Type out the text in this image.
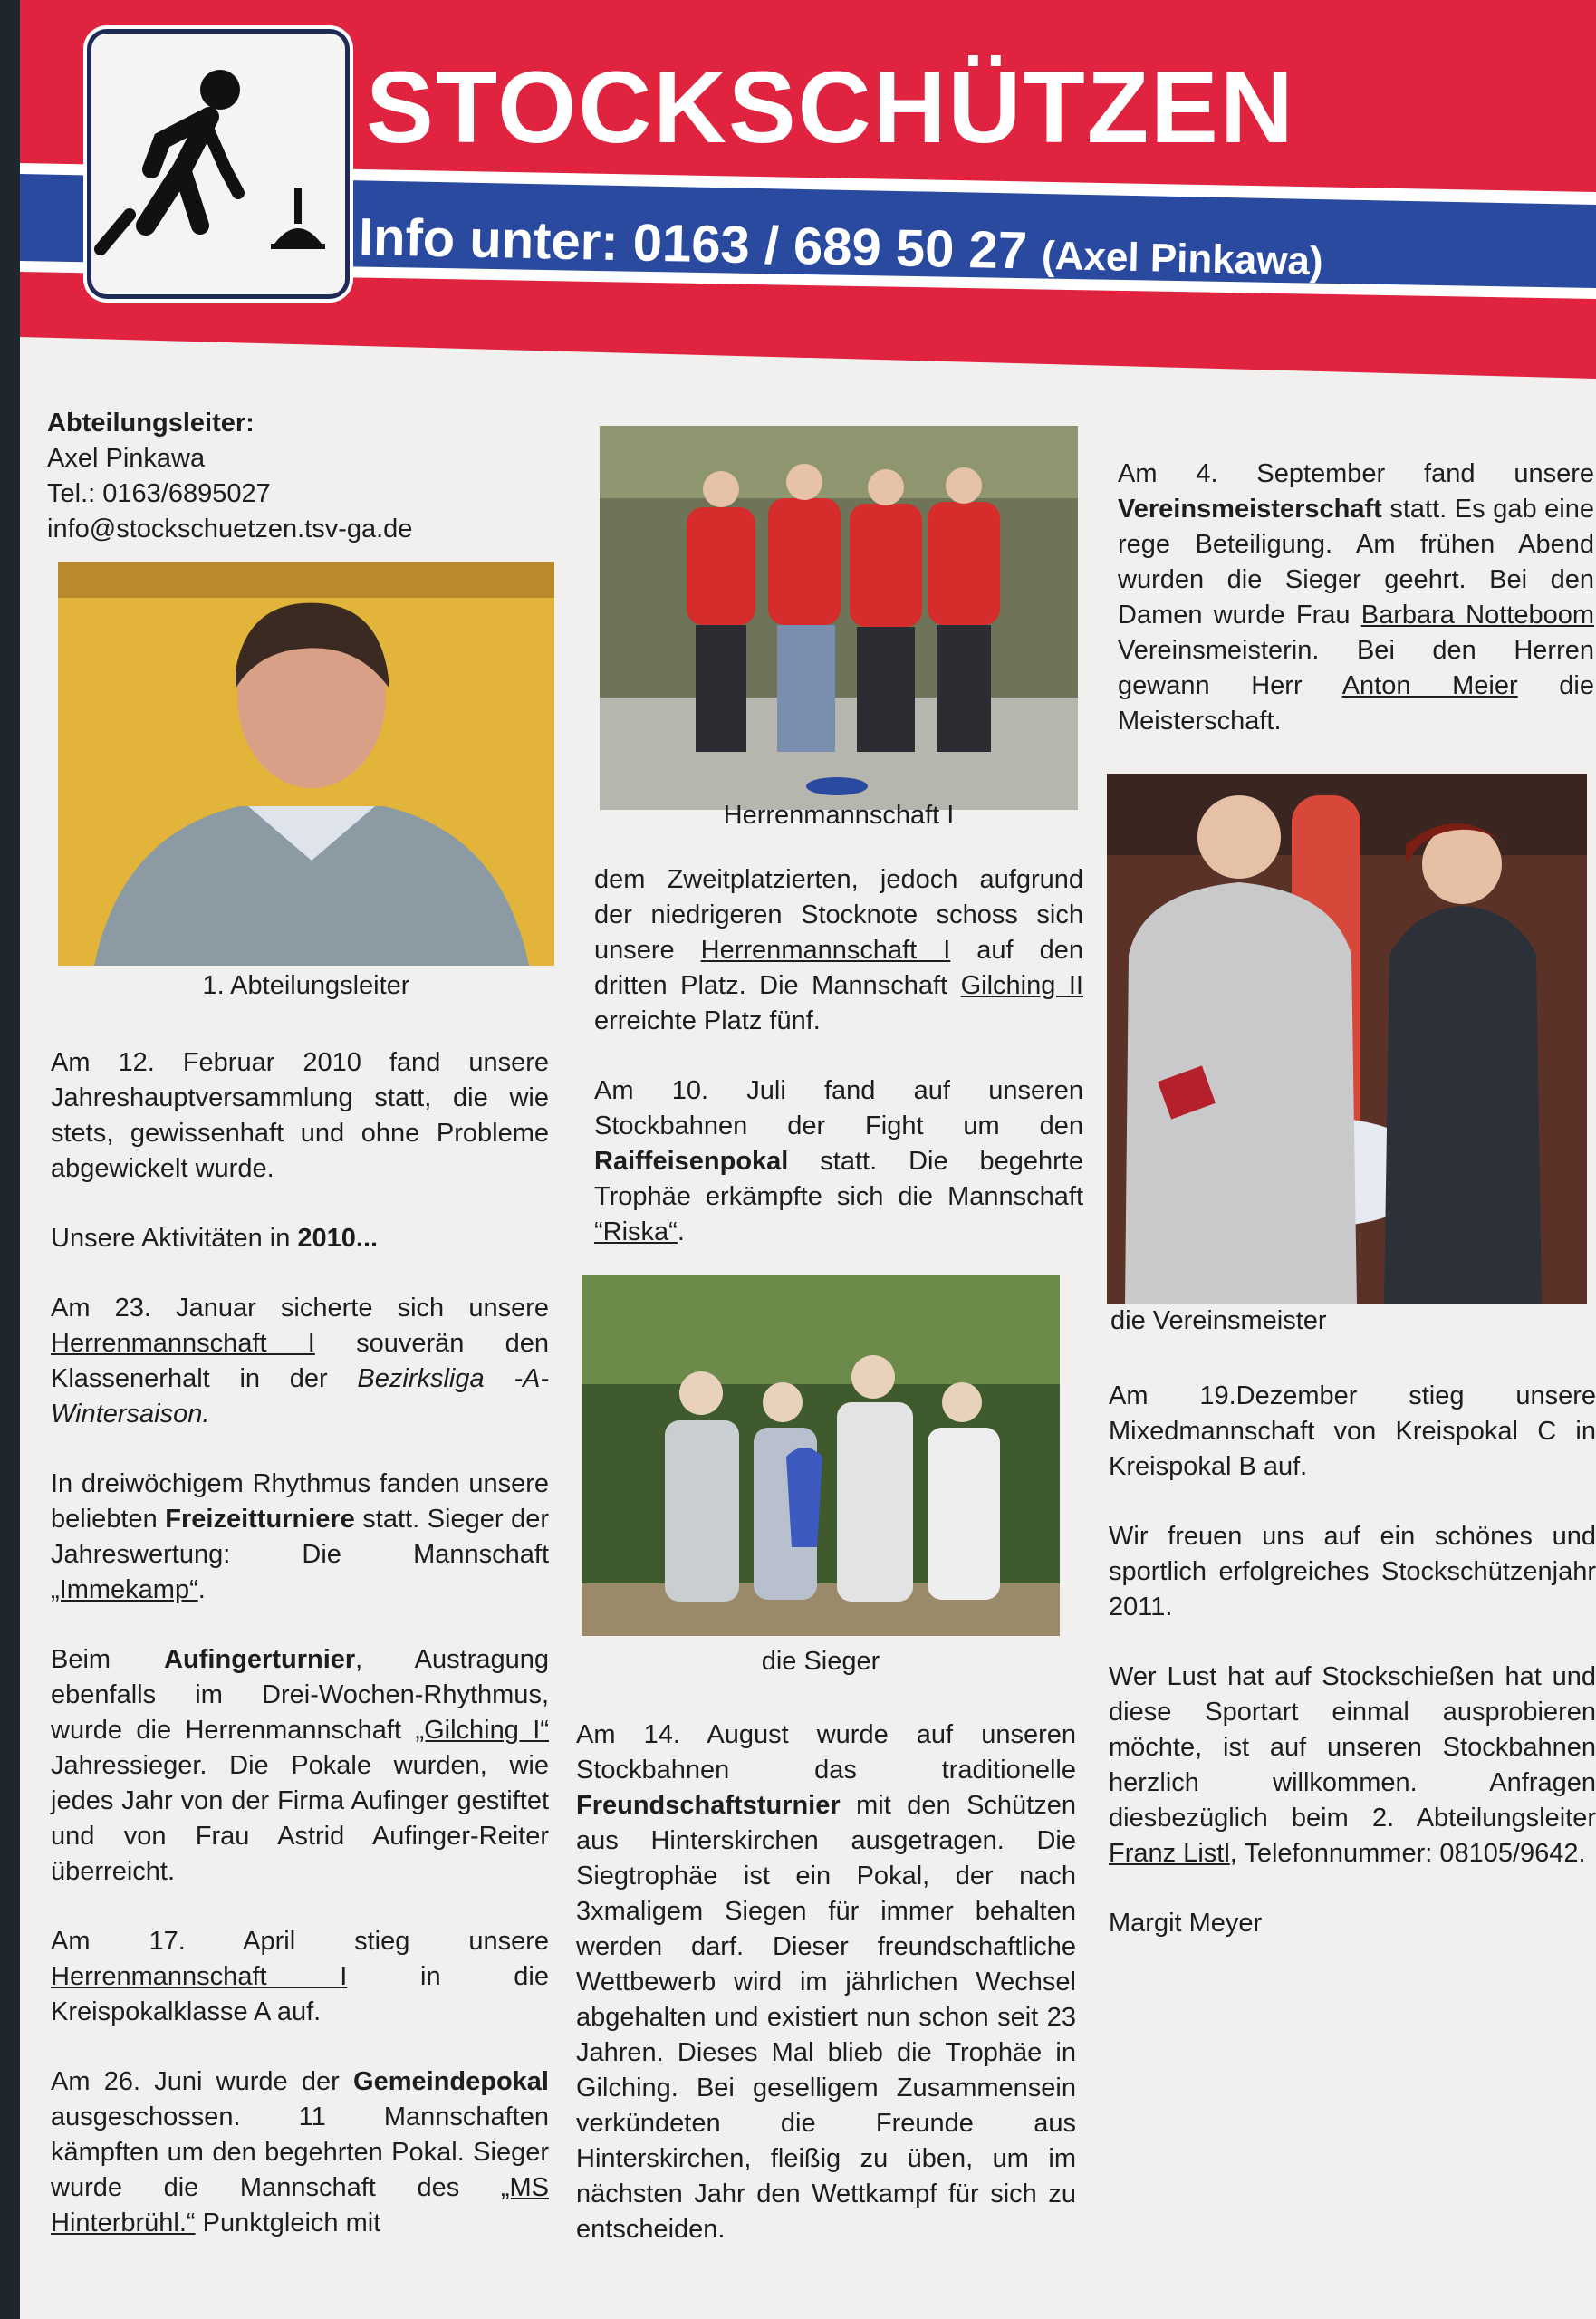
STOCKSCHÜTZEN
Info unter: 0163 / 689 50 27 (Axel Pinkawa)
Abteilungsleiter:
Axel Pinkawa
Tel.: 0163/6895027
info@stockschuetzen.tsv-ga.de
1. Abteilungsleiter

Am 12. Februar 2010 fand unsere Jahreshauptversammlung statt, die wie stets, gewissenhaft und ohne Probleme abgewickelt wurde.

Unsere Aktivitäten in 2010...

Am 23. Januar sicherte sich unsere Herrenmannschaft I souverän den Klassenerhalt in der Bezirksliga -A-Wintersaison.

In dreiwöchigem Rhythmus fanden unsere beliebten Freizeitturniere statt. Sieger der Jahreswertung: Die Mannschaft „Immekamp“.

Beim Aufingerturnier, Austragung ebenfalls im Drei-Wochen-Rhythmus, wurde die Herrenmannschaft „Gilching I“ Jahressieger. Die Pokale wurden, wie jedes Jahr von der Firma Aufinger gestiftet und von Frau Astrid Aufinger-Reiter überreicht.

Am 17. April stieg unsere Herrenmannschaft I in die Kreispokalklasse A auf.

Am 26. Juni wurde der Gemeindepokal ausgeschossen. 11 Mannschaften kämpften um den begehrten Pokal. Sieger wurde die Mannschaft des „MS Hinterbrühl.“ Punktgleich mit

Herrenmannschaft I

dem Zweitplatzierten, jedoch aufgrund der niedrigeren Stocknote schoss sich unsere Herrenmannschaft I auf den dritten Platz. Die Mannschaft Gilching II erreichte Platz fünf.

Am 10. Juli fand auf unseren Stockbahnen der Fight um den Raiffeisenpokal statt. Die begehrte Trophäe erkämpfte sich die Mannschaft “Riska“.

die Sieger

Am 14. August wurde auf unseren Stockbahnen das traditionelle Freundschaftsturnier mit den Schützen aus Hinterskirchen ausgetragen. Die Siegtrophäe ist ein Pokal, der nach 3xmaligem Siegen für immer behalten werden darf. Dieser freundschaftliche Wettbewerb wird im jährlichen Wechsel abgehalten und existiert nun schon seit 23 Jahren. Dieses Mal blieb die Trophäe in Gilching. Bei geselligem Zusammensein verkündeten die Freunde aus Hinterskirchen, fleißig zu üben, um im nächsten Jahr den Wettkampf für sich zu entscheiden.

Am 4. September fand unsere Vereinsmeisterschaft statt. Es gab eine rege Beteiligung. Am frühen Abend wurden die Sieger geehrt. Bei den Damen wurde Frau Barbara Notteboom Vereinsmeisterin. Bei den Herren gewann Herr Anton Meier die Meisterschaft.

die Vereinsmeister

Am 19.Dezember stieg unsere Mixedmannschaft von Kreispokal C in Kreispokal B auf.

Wir freuen uns auf ein schönes und sportlich erfolgreiches Stockschützenjahr 2011.

Wer Lust hat auf Stockschießen hat und diese Sportart einmal ausprobieren möchte, ist auf unseren Stockbahnen herzlich willkommen. Anfragen diesbezüglich beim 2. Abteilungsleiter Franz Listl, Telefonnummer: 08105/9642.

Margit Meyer
